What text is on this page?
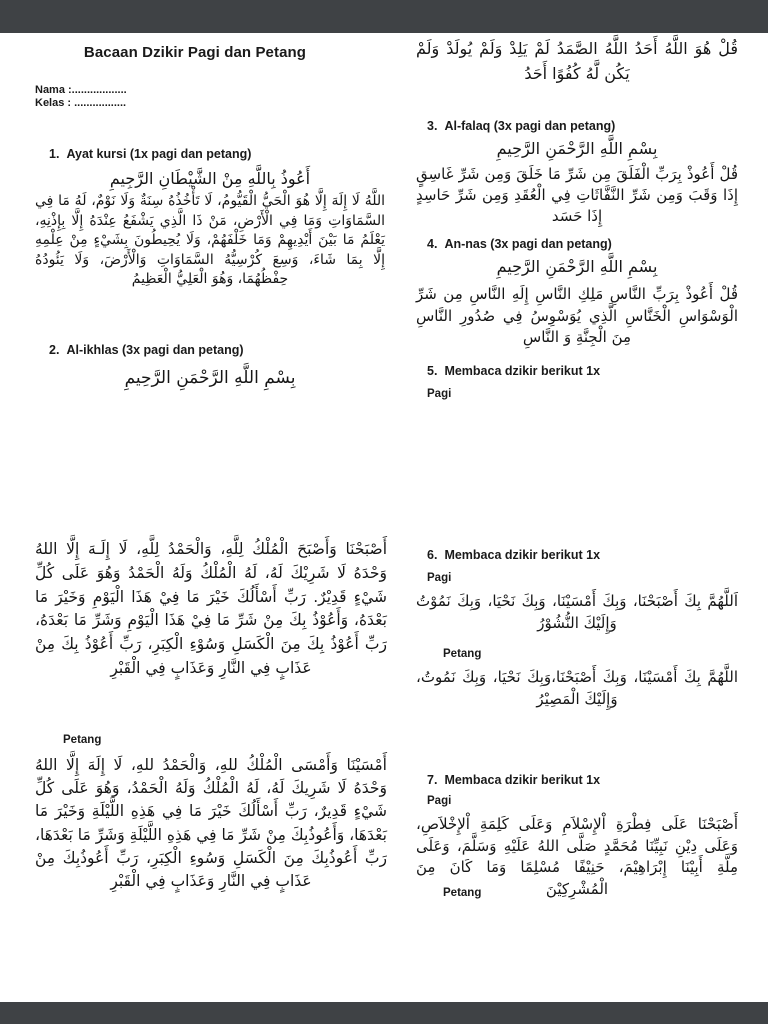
Bacaan Dzikir Pagi dan Petang
Nama :..................
Kelas : .................
1. Ayat kursi (1x pagi dan petang)
أَعُوذُ بِاللَّهِ مِنْ الشَّيْطَانِ الرَّجِيمِ
اللَّهُ لَا إِلَهَ إِلَّا هُوَ الْحَيُّ الْقَيُّومُ، لَا تَأْخُذُهُ سِنَةٌ وَلَا نَوْمٌ، لَهُ مَا فِي السَّمَاوَاتِ وَمَا فِي الْأَرْضِ، مَنْ ذَا الَّذِي يَشْفَعُ عِنْدَهُ إِلَّا بِإِذْنِهِ، يَعْلَمُ مَا بَيْنَ أَيْدِيهِمْ وَمَا خَلْفَهُمْ، وَلَا يُحِيطُونَ بِشَيْءٍ مِنْ عِلْمِهِ إِلَّا بِمَا شَاءَ، وَسِعَ كُرْسِيُّهُ السَّمَاوَاتِ وَالْأَرْضَ، وَلَا يَئُودُهُ حِفْظُهُمَا، وَهُوَ الْعَلِيُّ الْعَظِيمُ
2. Al-ikhlas (3x pagi dan petang)
بِسْمِ اللَّهِ الرَّحْمَنِ الرَّحِيمِ
أَصْبَحْنَا وَأَصْبَحَ الْمُلْكُ لِلَّهِ، وَالْحَمْدُ لِلَّهِ، لَا إِلَـهَ إِلَّا اللهُ وَحْدَهُ لَا شَرِيْكَ لَهُ، لَهُ الْمُلْكُ وَلَهُ الْحَمْدُ وَهُوَ عَلَى كُلِّ شَيْءٍ قَدِيْرٌ. رَبِّ أَسْأَلُكَ خَيْرَ مَا فِيْ هَذَا الْيَوْمِ وَخَيْرَ مَا بَعْدَهُ، وَأَعُوْذُ بِكَ مِنْ شَرِّ مَا فِيْ هَذَا الْيَوْمِ وَشَرِّ مَا بَعْدَهُ، رَبِّ أَعُوْذُ بِكَ مِنَ الْكَسَلِ وَسُوْءِ الْكِبَرِ، رَبِّ أَعُوْذُ بِكَ مِنْ عَذَابٍ فِي النَّارِ وَعَذَابٍ فِي الْقَبْرِ
Petang
أَمْسَيْنَا وَأَمْسَى الْمُلْكُ للهِ، وَالْحَمْدُ للهِ، لَا إِلَهَ إِلَّا اللهُ وَحْدَهُ لَا شَرِيكَ لَهُ، لَهُ الْمُلْكُ وَلَهُ الْحَمْدُ، وَهُوَ عَلَى كُلِّ شَيْءٍ قَدِيرٌ، رَبِّ أَسْأَلُكَ خَيْرَ مَا فِي هَذِهِ اللَّيْلَةِ وَخَيْرَ مَا بَعْدَهَا، وَأَعُوذُبِكَ مِنْ شَرِّ مَا فِي هَذِهِ اللَّيْلَةِ وَشَرِّ مَا بَعْدَهَا، رَبِّ أَعُوذُبِكَ مِنَ الْكَسَلِ وَسُوءِ الْكِبَرِ، رَبِّ أَعُوذُبِكَ مِنْ عَذَابٍ فِي النَّارِ وَعَذَابٍ فِي الْقَبْرِ
قُلْ هُوَ اللَّهُ أَحَدُ اللَّهُ الصَّمَدُ لَمْ يَلِدْ وَلَمْ يُولَدْ وَلَمْ يَكُن لَّهُ كُفُوًا أَحَدُ
3. Al-falaq (3x pagi dan petang)
بِسْمِ اللَّهِ الرَّحْمَنِ الرَّحِيمِ
قُلْ أَعُوذْ بِرَبِّ الْفَلَقَ مِن شَرِّ مَا خَلَقَ وَمِن شَرِّ غَاسِقٍ إِذَا وَقَبَ وَمِن شَرِّ النَّفَّاثَاتِ فِي الْعُقَدِ وَمِن شَرِّ حَاسِدٍ إِذَا حَسَد
4. An-nas (3x pagi dan petang)
بِسْمِ اللَّهِ الرَّحْمَنِ الرَّحِيمِ
قُلْ أَعُوذْ بِرَبِّ النَّاسِ مَلِكِ النَّاسِ إِلَهِ النَّاسِ مِن شَرِّ الْوَسْوَاسِ الْخَنَّاسِ الَّذِي يُوَسْوِسُ فِي صُدُورِ النَّاسِ مِنَ الْجِنَّةِ وَ النَّاسِ
5. Membaca dzikir berikut 1x
Pagi
6. Membaca dzikir berikut 1x
Pagi
اَللَّهُمَّ بِكَ أَصْبَحْنَا، وَبِكَ أَمْسَيْنَا، وَبِكَ نَحْيَا، وَبِكَ نَمُوْتُ وَإِلَيْكَ النُّشُوْرُ
Petang
اللَّهُمَّ بِكَ أَمْسَيْنَا، وَبِكَ أَصْبَحْنَا،وَبِكَ نَحْيَا، وَبِكَ نَمُوتُ، وَإِلَيْكَ الْمَصِيْرُ
7. Membaca dzikir berikut 1x
Pagi
أَصْبَحْنَا عَلَى فِطْرَةِ اْلإِسْلاَمِ وَعَلَى كَلِمَةِ اْلإِخْلاَصِ، وَعَلَى دِيْنِ نَبِيِّنَا مُحَمَّدٍ صَلَّى اللهُ عَلَيْهِ وَسَلَّمَ، وَعَلَى مِلَّةِ أَبِيْنَا إِبْرَاهِيْمَ، حَنِيْفًا مُسْلِمًا وَمَا كَانَ مِنَ الْمُشْرِكِيْنَ
Petang
